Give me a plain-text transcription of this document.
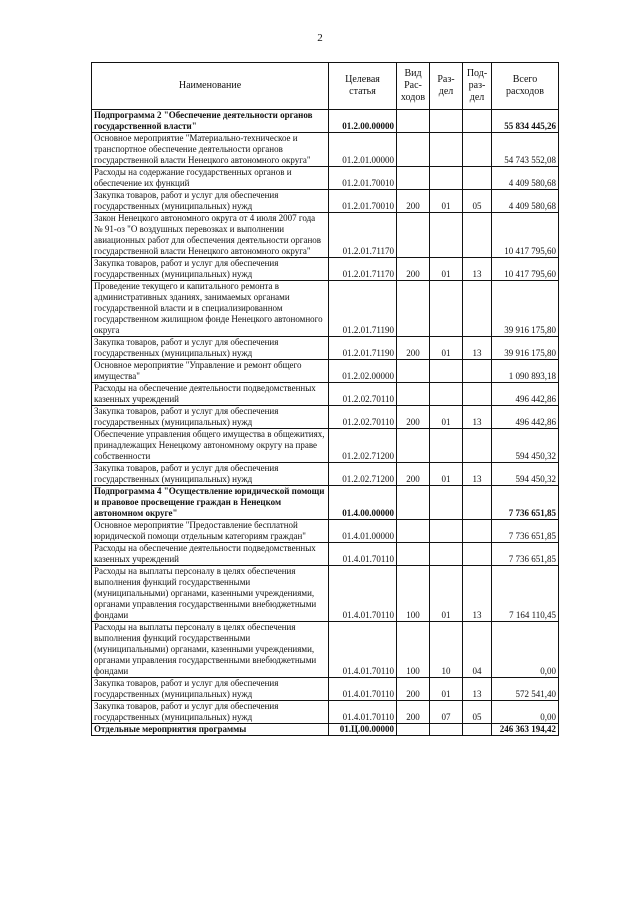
2
Наименование	Целевая статья	Вид Рас- ходов	Раз- дел	Под- раз- дел	Всего расходов
Подпрограмма 2 "Обеспечение деятельности органов государственной власти"	01.2.00.00000				55 834 445,26
Основное мероприятие "Материально-техническое и транспортное обеспечение деятельности органов государственной власти Ненецкого автономного округа"	01.2.01.00000				54 743 552,08
Расходы на содержание государственных органов и обеспечение их функций	01.2.01.70010				4 409 580,68
Закупка товаров, работ и услуг для обеспечения государственных (муниципальных) нужд	01.2.01.70010	200	01	05	4 409 580,68
Закон Ненецкого автономного округа от 4 июля 2007 года № 91-оз "О воздушных перевозках и выполнении авиационных работ для обеспечения деятельности органов государственной власти Ненецкого автономного округа"	01.2.01.71170				10 417 795,60
Закупка товаров, работ и услуг для обеспечения государственных (муниципальных) нужд	01.2.01.71170	200	01	13	10 417 795,60
Проведение текущего и капитального ремонта в административных зданиях, занимаемых органами государственной власти и в специализированном государственном жилищном фонде Ненецкого автономного округа	01.2.01.71190				39 916 175,80
Закупка товаров, работ и услуг для обеспечения государственных (муниципальных) нужд	01.2.01.71190	200	01	13	39 916 175,80
Основное мероприятие "Управление и ремонт общего имущества"	01.2.02.00000				1 090 893,18
Расходы на обеспечение деятельности подведомственных казенных учреждений	01.2.02.70110				496 442,86
Закупка товаров, работ и услуг для обеспечения государственных (муниципальных) нужд	01.2.02.70110	200	01	13	496 442,86
Обеспечение управления общего имущества в общежитиях, принадлежащих Ненецкому автономному округу на праве собственности	01.2.02.71200				594 450,32
Закупка товаров, работ и услуг для обеспечения государственных (муниципальных) нужд	01.2.02.71200	200	01	13	594 450,32
Подпрограмма 4 "Осуществление юридической помощи и правовое просвещение граждан в Ненецком автономном округе"	01.4.00.00000				7 736 651,85
Основное мероприятие "Предоставление бесплатной юридической помощи отдельным категориям граждан"	01.4.01.00000				7 736 651,85
Расходы на обеспечение деятельности подведомственных казенных учреждений	01.4.01.70110				7 736 651,85
Расходы на выплаты персоналу в целях обеспечения выполнения функций государственными (муниципальными) органами, казенными учреждениями, органами управления государственными внебюджетными фондами	01.4.01.70110	100	01	13	7 164 110,45
Расходы на выплаты персоналу в целях обеспечения выполнения функций государственными (муниципальными) органами, казенными учреждениями, органами управления государственными внебюджетными фондами	01.4.01.70110	100	10	04	0,00
Закупка товаров, работ и услуг для обеспечения государственных (муниципальных) нужд	01.4.01.70110	200	01	13	572 541,40
Закупка товаров, работ и услуг для обеспечения государственных (муниципальных) нужд	01.4.01.70110	200	07	05	0,00
Отдельные мероприятия программы	01.Ц.00.00000				246 363 194,42
